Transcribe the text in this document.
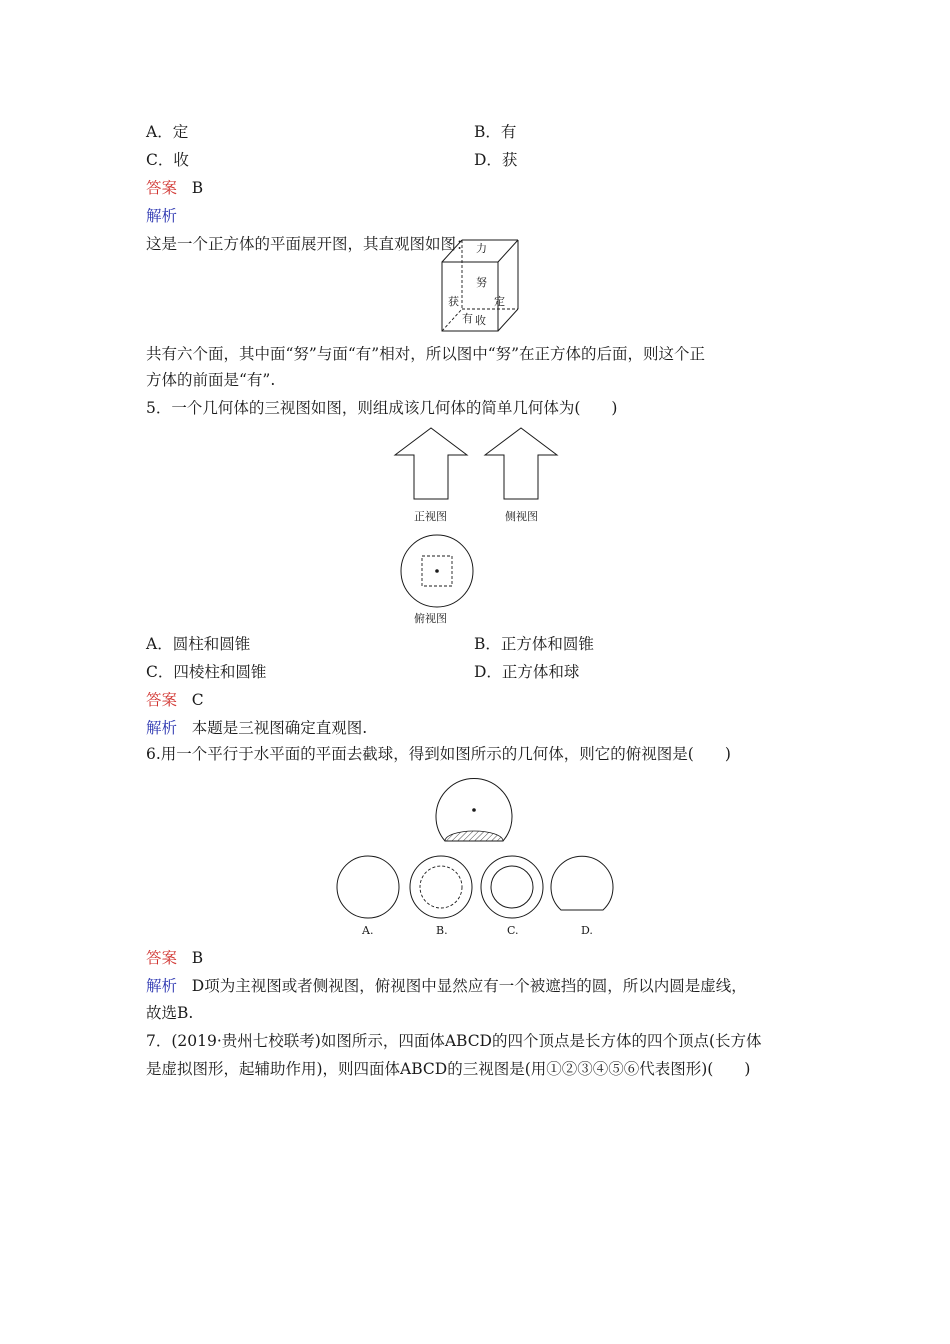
A．定	B．有
C．收	D．获
答案 B
解析
这是一个正方体的平面展开图，其直观图如图： 力
努
获	定
有 收
共有六个面，其中面“努”与面“有”相对，所以图中“努”在正方体的后面，则这个正
方体的前面是“有”.
5．一个几何体的三视图如图，则组成该几何体的简单几何体为(　　)
正视图	侧视图
俯视图
A．圆柱和圆锥	B．正方体和圆锥
C．四棱柱和圆锥	D．正方体和球
答案 C
解析 本题是三视图确定直观图.
6.用一个平行于水平面的平面去截球，得到如图所示的几何体，则它的俯视图是(　　)
A.	B.	C.	D.
答案 B
解析 D项为主视图或者侧视图，俯视图中显然应有一个被遮挡的圆，所以内圆是虚线，
故选B.
7．(2019·贵州七校联考)如图所示，四面体ABCD的四个顶点是长方体的四个顶点(长方体
是虚拟图形，起辅助作用)，则四面体ABCD的三视图是(用①②③④⑤⑥代表图形)(　　)
